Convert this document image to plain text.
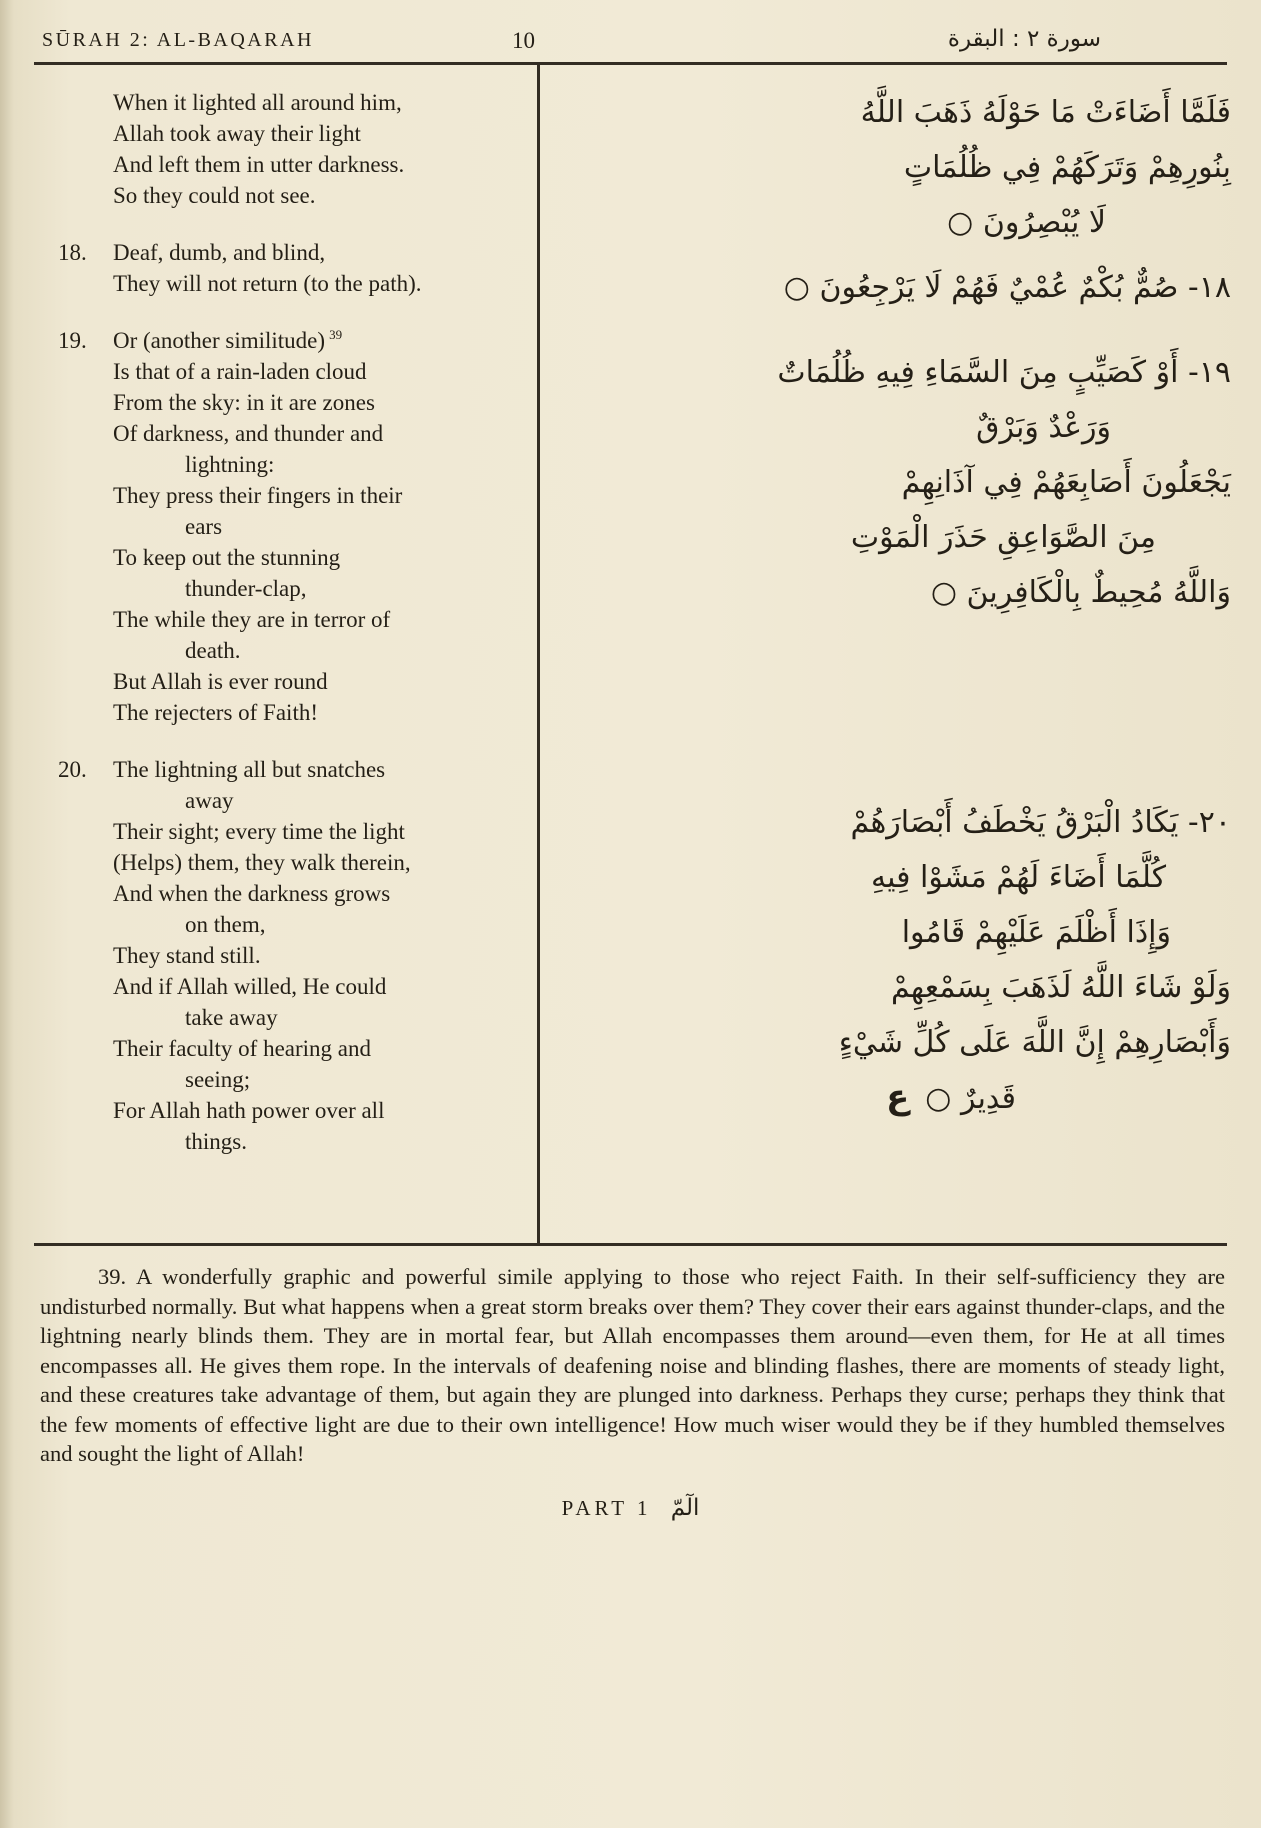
SŪRAH 2: AL-BAQARAH	10	سورة ٢ : البقرة
When it lighted all around him,
Allah took away their light
And left them in utter darkness.
So they could not see.
18.	Deaf, dumb, and blind,
They will not return (to the path).
19.	Or (another similitude) $^{39}$
Is that of a rain-laden cloud
From the sky: in it are zones
Of darkness, and thunder and
lightning:
They press their fingers in their
ears
To keep out the stunning
thunder-clap,
The while they are in terror of
death.
But Allah is ever round
The rejecters of Faith!
20.	The lightning all but snatches
away
Their sight; every time the light
(Helps) them, they walk therein,
And when the darkness grows
on them,
They stand still.
And if Allah willed, He could
take away
Their faculty of hearing and
seeing;
For Allah hath power over all
things.
فَلَمَّا أَضَاءَتْ مَا حَوْلَهُ ذَهَبَ اللَّهُ
بِنُورِهِمْ وَتَرَكَهُمْ فِي ظُلُمَاتٍ
لَا يُبْصِرُونَ ○
١٨- صُمٌّ بُكْمٌ عُمْيٌ فَهُمْ لَا يَرْجِعُونَ ○
١٩- أَوْ كَصَيِّبٍ مِنَ السَّمَاءِ فِيهِ ظُلُمَاتٌ
وَرَعْدٌ وَبَرْقٌ
يَجْعَلُونَ أَصَابِعَهُمْ فِي آذَانِهِمْ
مِنَ الصَّوَاعِقِ حَذَرَ الْمَوْتِ
وَاللَّهُ مُحِيطٌ بِالْكَافِرِينَ ○
٢٠- يَكَادُ الْبَرْقُ يَخْطَفُ أَبْصَارَهُمْ
كُلَّمَا أَضَاءَ لَهُمْ مَشَوْا فِيهِ
وَإِذَا أَظْلَمَ عَلَيْهِمْ قَامُوا
وَلَوْ شَاءَ اللَّهُ لَذَهَبَ بِسَمْعِهِمْ
وَأَبْصَارِهِمْ إِنَّ اللَّهَ عَلَى كُلِّ شَيْءٍ
قَدِيرٌ ○ع

39. A wonderfully graphic and powerful simile applying to those who reject Faith. In their self-sufficiency they are undisturbed normally. But what happens when a great storm breaks over them? They cover their ears against thunder-claps, and the lightning nearly blinds them. They are in mortal fear, but Allah encompasses them around—even them, for He at all times encompasses all. He gives them rope. In the intervals of deafening noise and blinding flashes, there are moments of steady light, and these creatures take advantage of them, but again they are plunged into darkness. Perhaps they curse; perhaps they think that the few moments of effective light are due to their own intelligence! How much wiser would they be if they humbled themselves and sought the light of Allah!

PART 1 الٓمّ
